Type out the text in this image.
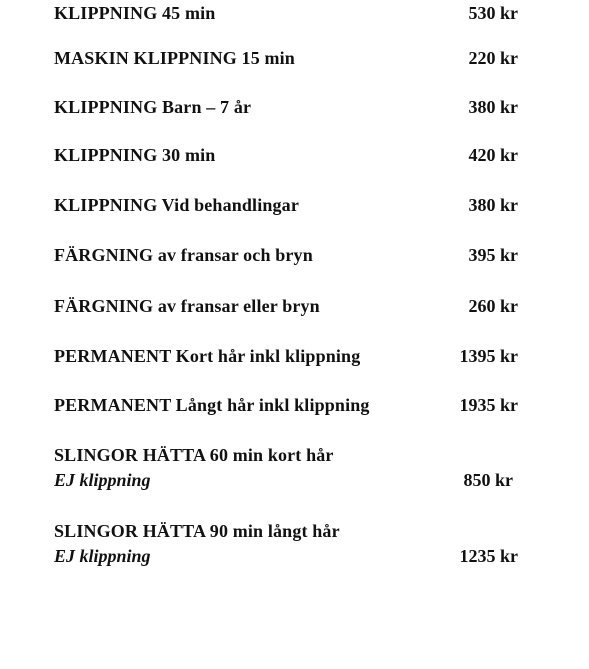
KLIPPNING 45 min	530 kr
MASKIN KLIPPNING 15 min	220 kr
KLIPPNING Barn – 7 år	380 kr
KLIPPNING 30 min	420 kr
KLIPPNING Vid behandlingar	380 kr
FÄRGNING av fransar och bryn	395 kr
FÄRGNING av fransar eller bryn	260 kr
PERMANENT Kort hår inkl klippning	1395 kr
PERMANENT Långt hår inkl klippning	1935 kr
SLINGOR HÄTTA 60 min kort hår
EJ klippning	850 kr
SLINGOR HÄTTA 90 min långt hår
EJ klippning	1235 kr
